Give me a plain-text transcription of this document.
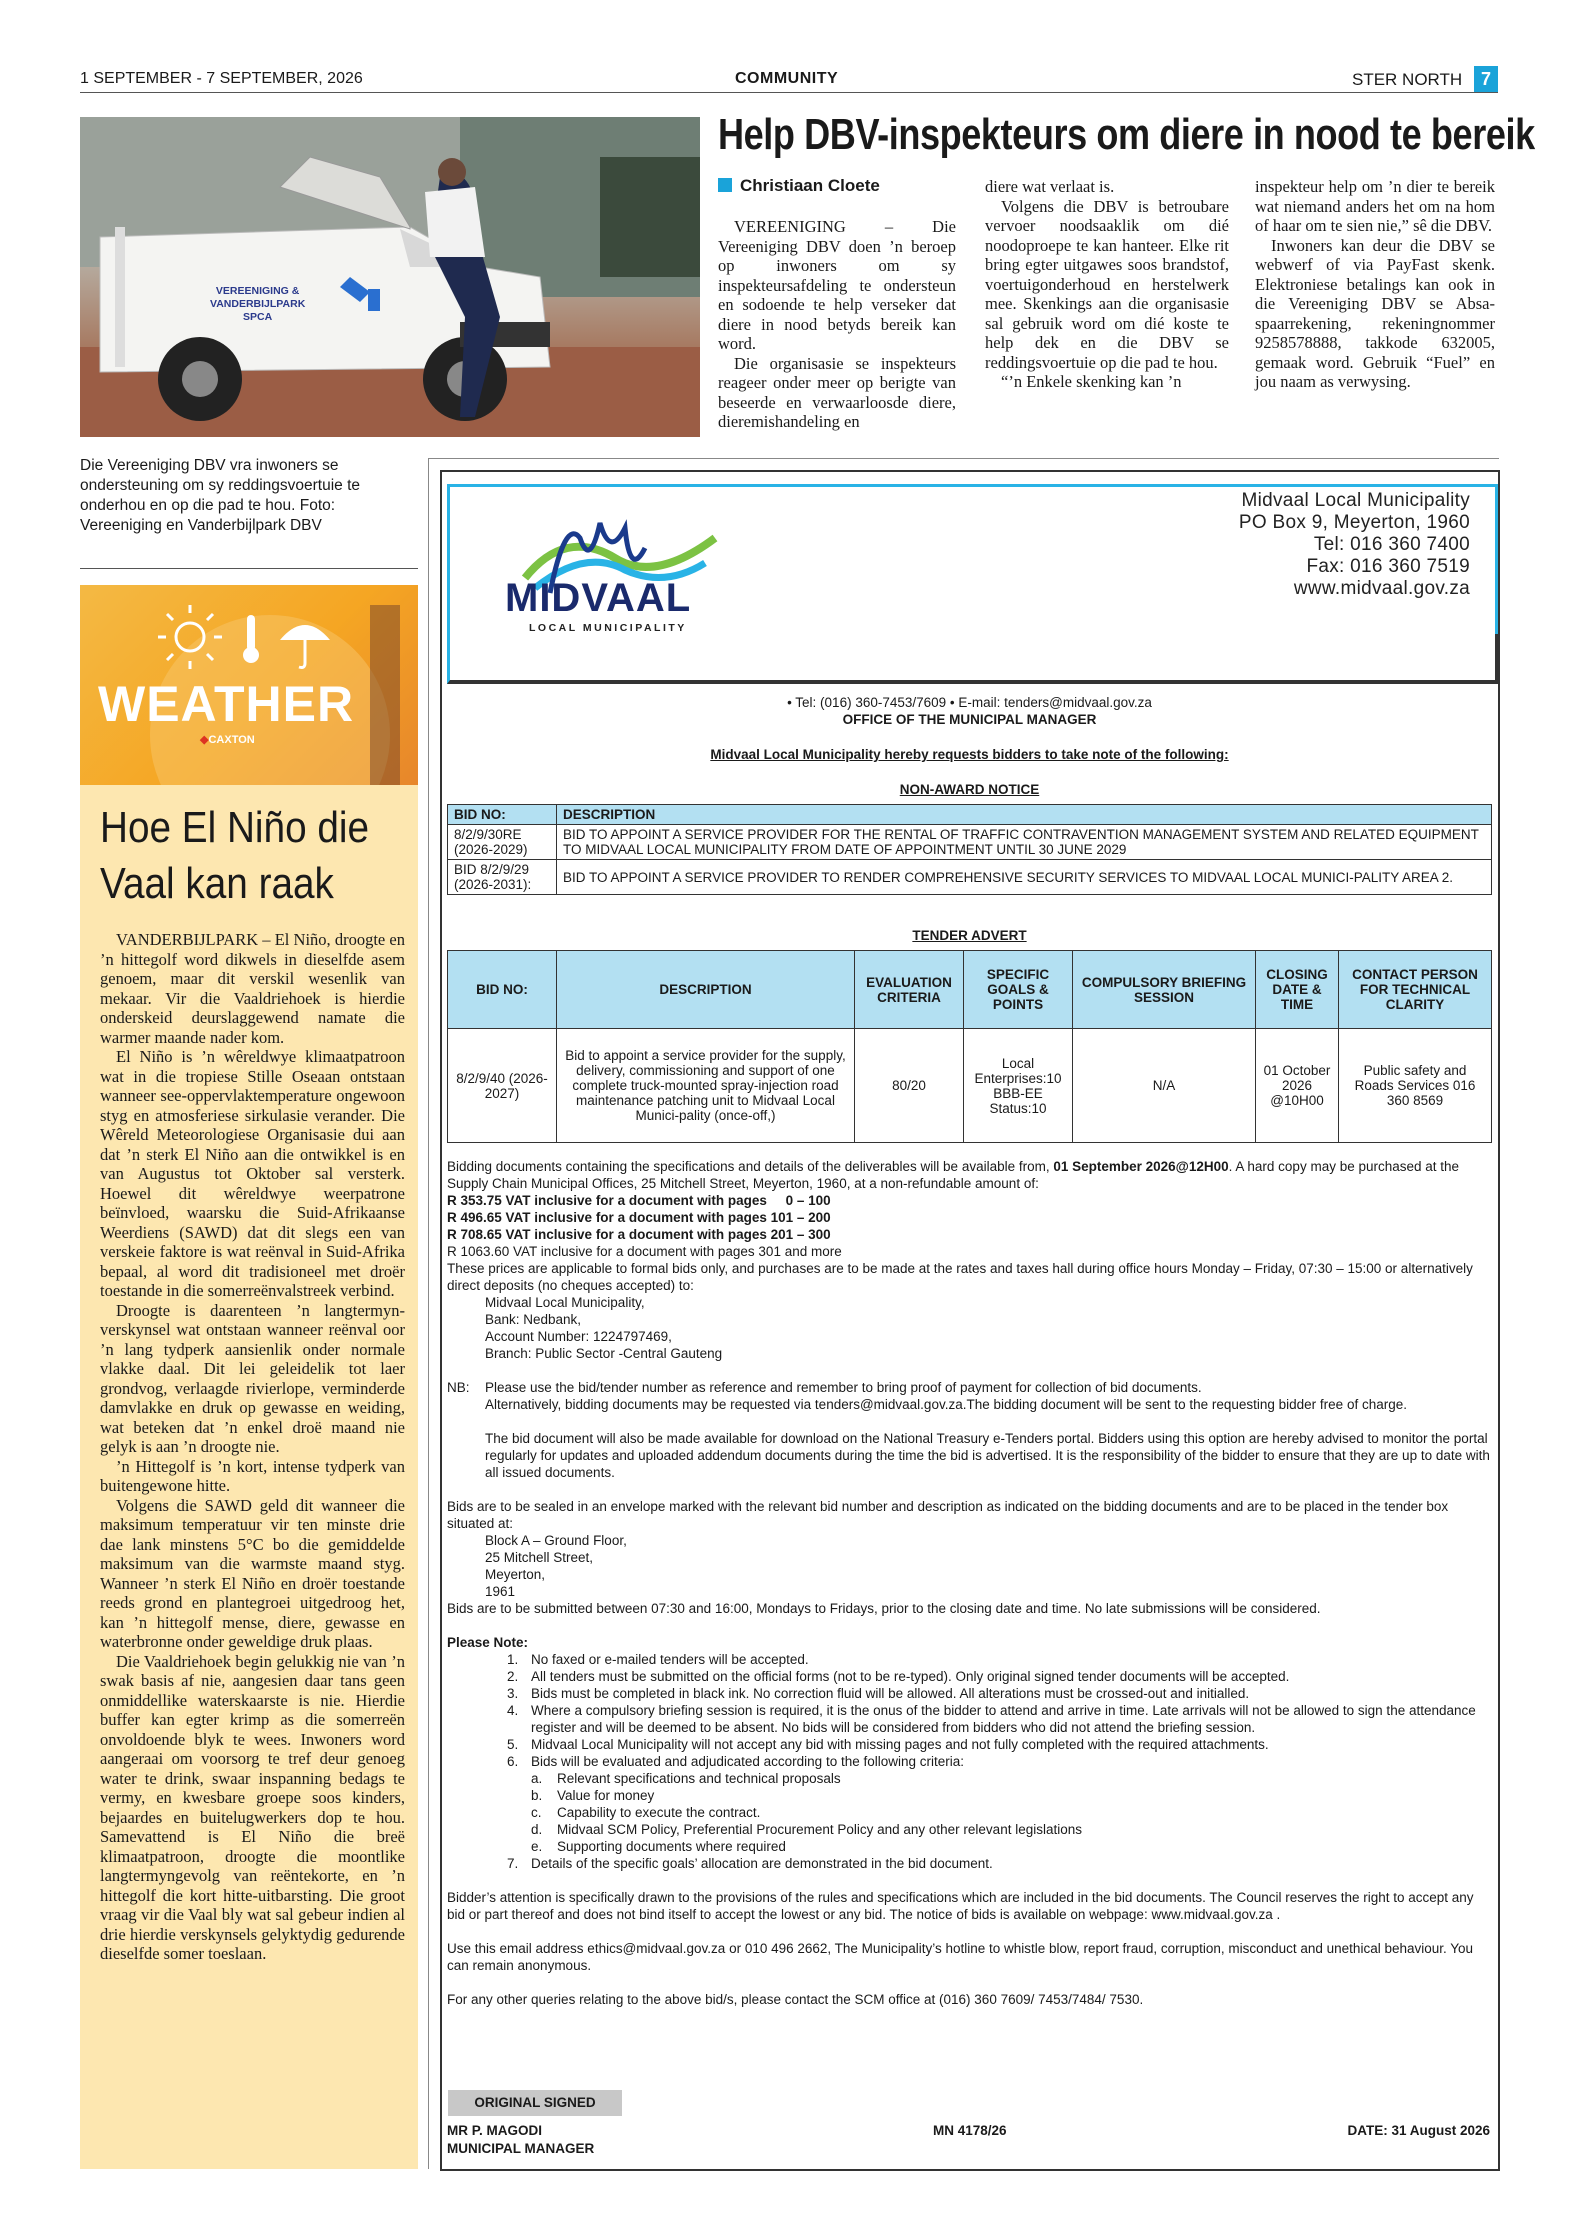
1 SEPTEMBER - 7 SEPTEMBER, 2026	COMMUNITY	STER NORTH	7
VEREENIGING &
VANDERBIJLPARK
SPCA
Die Vereeniging DBV vra inwoners se ondersteuning om sy reddingsvoertuie te onderhou en op die pad te hou. Foto: Vereeniging en Vanderbijlpark DBV
Help DBV-inspekteurs om diere in nood te bereik
Christiaan Cloete

VEREENIGING – Die Vereeniging DBV doen ’n beroep op inwoners om sy inspekteursafdeling te ondersteun en sodoende te help verseker dat diere in nood betyds bereik kan word.

Die organisasie se inspekteurs reageer onder meer op berigte van beseerde en verwaarloosde diere, dieremishandeling en

diere wat verlaat is.

Volgens die DBV is betroubare vervoer noodsaaklik om dié noodoproepe te kan hanteer. Elke rit bring egter uitgawes soos brandstof, voertuigonderhoud en herstelwerk mee. Skenkings aan die organisasie sal gebruik word om dié koste te help dek en die DBV se reddingsvoertuie op die pad te hou.

“’n Enkele skenking kan ’n

inspekteur help om ’n dier te bereik wat niemand anders het om na hom of haar om te sien nie,” sê die DBV.

Inwoners kan deur die DBV se webwerf of via PayFast skenk. Elektroniese betalings kan ook in die Vereeniging DBV se Absa-spaarrekening, rekeningnommer 9258578888, takkode 632005, gemaak word. Gebruik “Fuel” en jou naam as verwysing.

WEATHER
◆CAXTON
Hoe El Niño die Vaal kan raak

VANDERBIJLPARK – El Niño, droogte en ’n hittegolf word dikwels in dieselfde asem genoem, maar dit verskil wesenlik van mekaar. Vir die Vaaldriehoek is hierdie onderskeid deurslaggewend namate die warmer maande nader kom.

El Niño is ’n wêreldwye klimaatpatroon wat in die tropiese Stille Oseaan ontstaan wanneer see-oppervlaktemperature ongewoon styg en atmosferiese sirkulasie verander. Die Wêreld Meteorologiese Organisasie dui aan dat ’n sterk El Niño aan die ontwikkel is en van Augustus tot Oktober sal versterk. Hoewel dit wêreldwye weerpatrone beïnvloed, waarsku die Suid-Afrikaanse Weerdiens (SAWD) dat dit slegs een van verskeie faktore is wat reënval in Suid-Afrika bepaal, al word dit tradisioneel met droër toestande in die somerreënvalstreek verbind.

Droogte is daarenteen ’n langtermyn-verskynsel wat ontstaan wanneer reënval oor ’n lang tydperk aansienlik onder normale vlakke daal. Dit lei geleidelik tot laer grondvog, verlaagde rivierlope, verminderde damvlakke en druk op gewasse en weiding, wat beteken dat ’n enkel droë maand nie gelyk is aan ’n droogte nie.

’n Hittegolf is ’n kort, intense tydperk van buitengewone hitte.

Volgens die SAWD geld dit wanneer die maksimum temperatuur vir ten minste drie dae lank minstens 5°C bo die gemiddelde maksimum van die warmste maand styg. Wanneer ’n sterk El Niño en droër toestande reeds grond en plantegroei uitgedroog het, kan ’n hittegolf mense, diere, gewasse en waterbronne onder geweldige druk plaas.

Die Vaaldriehoek begin gelukkig nie van ’n swak basis af nie, aangesien daar tans geen onmiddellike waterskaarste is nie. Hierdie buffer kan egter krimp as die somerreën onvoldoende blyk te wees. Inwoners word aangeraai om voorsorg te tref deur genoeg water te drink, swaar inspanning bedags te vermy, en kwesbare groepe soos kinders, bejaardes en buitelugwerkers dop te hou. Samevattend is El Niño die breë klimaatpatroon, droogte die moontlike langtermyngevolg van reëntekorte, en ’n hittegolf die kort hitte-uitbarsting. Die groot vraag vir die Vaal bly wat sal gebeur indien al drie hierdie verskynsels gelyktydig gedurende dieselfde somer toeslaan.

MIDVAAL
LOCAL MUNICIPALITY
Midvaal Local Municipality
PO Box 9, Meyerton, 1960
Tel: 016 360 7400
Fax: 016 360 7519
www.midvaal.gov.za
• Tel: (016) 360-7453/7609 • E-mail: tenders@midvaal.gov.za
OFFICE OF THE MUNICIPAL MANAGER
Midvaal Local Municipality hereby requests bidders to take note of the following:
NON-AWARD NOTICE
BID NO:	DESCRIPTION
8/2/9/30RE (2026-2029)	BID TO APPOINT A SERVICE PROVIDER FOR THE RENTAL OF TRAFFIC CONTRAVENTION MANAGEMENT SYSTEM AND RELATED EQUIPMENT TO MIDVAAL LOCAL MUNICIPALITY FROM DATE OF APPOINTMENT UNTIL 30 JUNE 2029
BID 8/2/9/29 (2026-2031):	BID TO APPOINT A SERVICE PROVIDER TO RENDER COMPREHENSIVE SECURITY SERVICES TO MIDVAAL LOCAL MUNICI-PALITY AREA 2.
TENDER ADVERT
BID NO:	DESCRIPTION	EVALUATION CRITERIA	SPECIFIC GOALS & POINTS	COMPULSORY BRIEFING SESSION	CLOSING DATE & TIME	CONTACT PERSON FOR TECHNICAL CLARITY
8/2/9/40 (2026-2027)	Bid to appoint a service provider for the supply, delivery, commissioning and support of one complete truck-mounted spray-injection road maintenance patching unit to Midvaal Local Munici-pality (once-off,)	80/20	Local Enterprises:10 BBB-EE Status:10	N/A	01 October 2026 @10H00	Public safety and Roads Services 016 360 8569
Bidding documents containing the specifications and details of the deliverables will be available from, 01 September 2026@12H00. A hard copy may be purchased at the Supply Chain Municipal Offices, 25 Mitchell Street, Meyerton, 1960, at a non-refundable amount of:
R 353.75 VAT inclusive for a document with pages     0 – 100
R 496.65 VAT inclusive for a document with pages 101 – 200
R 708.65 VAT inclusive for a document with pages 201 – 300
R 1063.60 VAT inclusive for a document with pages 301 and more
These prices are applicable to formal bids only, and purchases are to be made at the rates and taxes hall during office hours Monday – Friday, 07:30 – 15:00 or alternatively direct deposits (no cheques accepted) to:
Midvaal Local Municipality,
Bank: Nedbank,
Account Number: 1224797469,
Branch: Public Sector -Central Gauteng
NB:	Please use the bid/tender number as reference and remember to bring proof of payment for collection of bid documents.
Alternatively, bidding documents may be requested via tenders@midvaal.gov.za.The bidding document will be sent to the requesting bidder free of charge.
The bid document will also be made available for download on the National Treasury e-Tenders portal. Bidders using this option are hereby advised to monitor the portal regularly for updates and uploaded addendum documents during the time the bid is advertised. It is the responsibility of the bidder to ensure that they are up to date with all issued documents.
Bids are to be sealed in an envelope marked with the relevant bid number and description as indicated on the bidding documents and are to be placed in the tender box situated at:
Block A – Ground Floor,
25 Mitchell Street,
Meyerton,
1961
Bids are to be submitted between 07:30 and 16:00, Mondays to Fridays, prior to the closing date and time. No late submissions will be considered.
Please Note:
1. No faxed or e-mailed tenders will be accepted.
2. All tenders must be submitted on the official forms (not to be re-typed). Only original signed tender documents will be accepted.
3. Bids must be completed in black ink. No correction fluid will be allowed. All alterations must be crossed-out and initialled.
4. Where a compulsory briefing session is required, it is the onus of the bidder to attend and arrive in time. Late arrivals will not be allowed to sign the attendance register and will be deemed to be absent. No bids will be considered from bidders who did not attend the briefing session.
5. Midvaal Local Municipality will not accept any bid with missing pages and not fully completed with the required attachments.
6. Bids will be evaluated and adjudicated according to the following criteria:
a.	Relevant specifications and technical proposals
b.	Value for money
c.	Capability to execute the contract.
d.	Midvaal SCM Policy, Preferential Procurement Policy and any other relevant legislations
e.	Supporting documents where required
7. Details of the specific goals’ allocation are demonstrated in the bid document.
Bidder’s attention is specifically drawn to the provisions of the rules and specifications which are included in the bid documents. The Council reserves the right to accept any bid or part thereof and does not bind itself to accept the lowest or any bid. The notice of bids is available on webpage: www.midvaal.gov.za .
Use this email address ethics@midvaal.gov.za or 010 496 2662, The Municipality’s hotline to whistle blow, report fraud, corruption, misconduct and unethical behaviour. You can remain anonymous.
For any other queries relating to the above bid/s, please contact the SCM office at (016) 360 7609/ 7453/7484/ 7530.
ORIGINAL SIGNED
MR P. MAGODI
MUNICIPAL MANAGER
MN 4178/26	DATE: 31 August 2026
